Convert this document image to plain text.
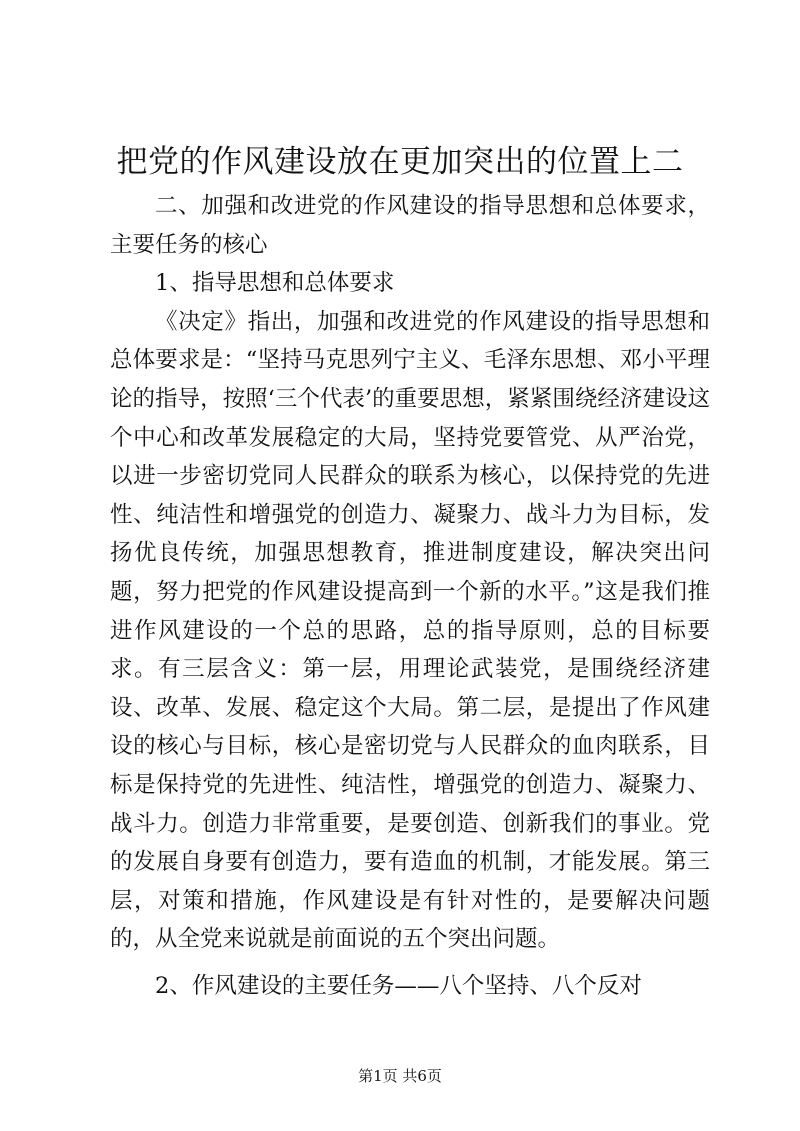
把党的作风建设放在更加突出的位置上二

二、加强和改进党的作风建设的指导思想和总体要求，主要任务的核心

1、指导思想和总体要求

《决定》指出，加强和改进党的作风建设的指导思想和总体要求是：“坚持马克思列宁主义、毛泽东思想、邓小平理论的指导，按照‘三个代表’的重要思想，紧紧围绕经济建设这个中心和改革发展稳定的大局，坚持党要管党、从严治党，以进一步密切党同人民群众的联系为核心，以保持党的先进性、纯洁性和增强党的创造力、凝聚力、战斗力为目标，发扬优良传统，加强思想教育，推进制度建设，解决突出问题，努力把党的作风建设提高到一个新的水平。”这是我们推进作风建设的一个总的思路，总的指导原则，总的目标要求。有三层含义：第一层，用理论武装党，是围绕经济建设、改革、发展、稳定这个大局。第二层，是提出了作风建设的核心与目标，核心是密切党与人民群众的血肉联系，目标是保持党的先进性、纯洁性，增强党的创造力、凝聚力、战斗力。创造力非常重要，是要创造、创新我们的事业。党的发展自身要有创造力，要有造血的机制，才能发展。第三层，对策和措施，作风建设是有针对性的，是要解决问题的，从全党来说就是前面说的五个突出问题。

2、作风建设的主要任务——八个坚持、八个反对

第1页 共6页
